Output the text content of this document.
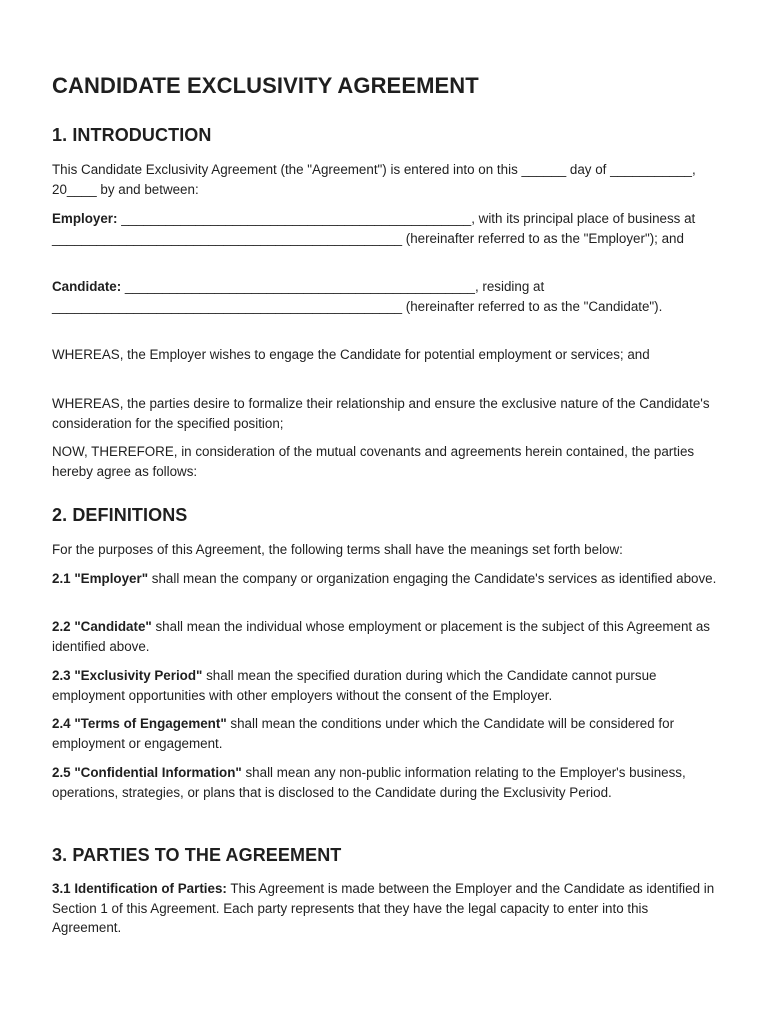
CANDIDATE EXCLUSIVITY AGREEMENT
1. INTRODUCTION

This Candidate Exclusivity Agreement (the "Agreement") is entered into on this ______ day of ___________, 20____ by and between:

Employer: _______________________________________________, with its principal place of business at _______________________________________________ (hereinafter referred to as the "Employer"); and

Candidate: _______________________________________________, residing at _______________________________________________ (hereinafter referred to as the "Candidate").

WHEREAS, the Employer wishes to engage the Candidate for potential employment or services; and

WHEREAS, the parties desire to formalize their relationship and ensure the exclusive nature of the Candidate's consideration for the specified position;

NOW, THEREFORE, in consideration of the mutual covenants and agreements herein contained, the parties hereby agree as follows:

2. DEFINITIONS

For the purposes of this Agreement, the following terms shall have the meanings set forth below:

2.1 "Employer" shall mean the company or organization engaging the Candidate's services as identified above.

2.2 "Candidate" shall mean the individual whose employment or placement is the subject of this Agreement as identified above.

2.3 "Exclusivity Period" shall mean the specified duration during which the Candidate cannot pursue employment opportunities with other employers without the consent of the Employer.

2.4 "Terms of Engagement" shall mean the conditions under which the Candidate will be considered for employment or engagement.

2.5 "Confidential Information" shall mean any non-public information relating to the Employer's business, operations, strategies, or plans that is disclosed to the Candidate during the Exclusivity Period.

3. PARTIES TO THE AGREEMENT

3.1 Identification of Parties: This Agreement is made between the Employer and the Candidate as identified in Section 1 of this Agreement. Each party represents that they have the legal capacity to enter into this Agreement.
